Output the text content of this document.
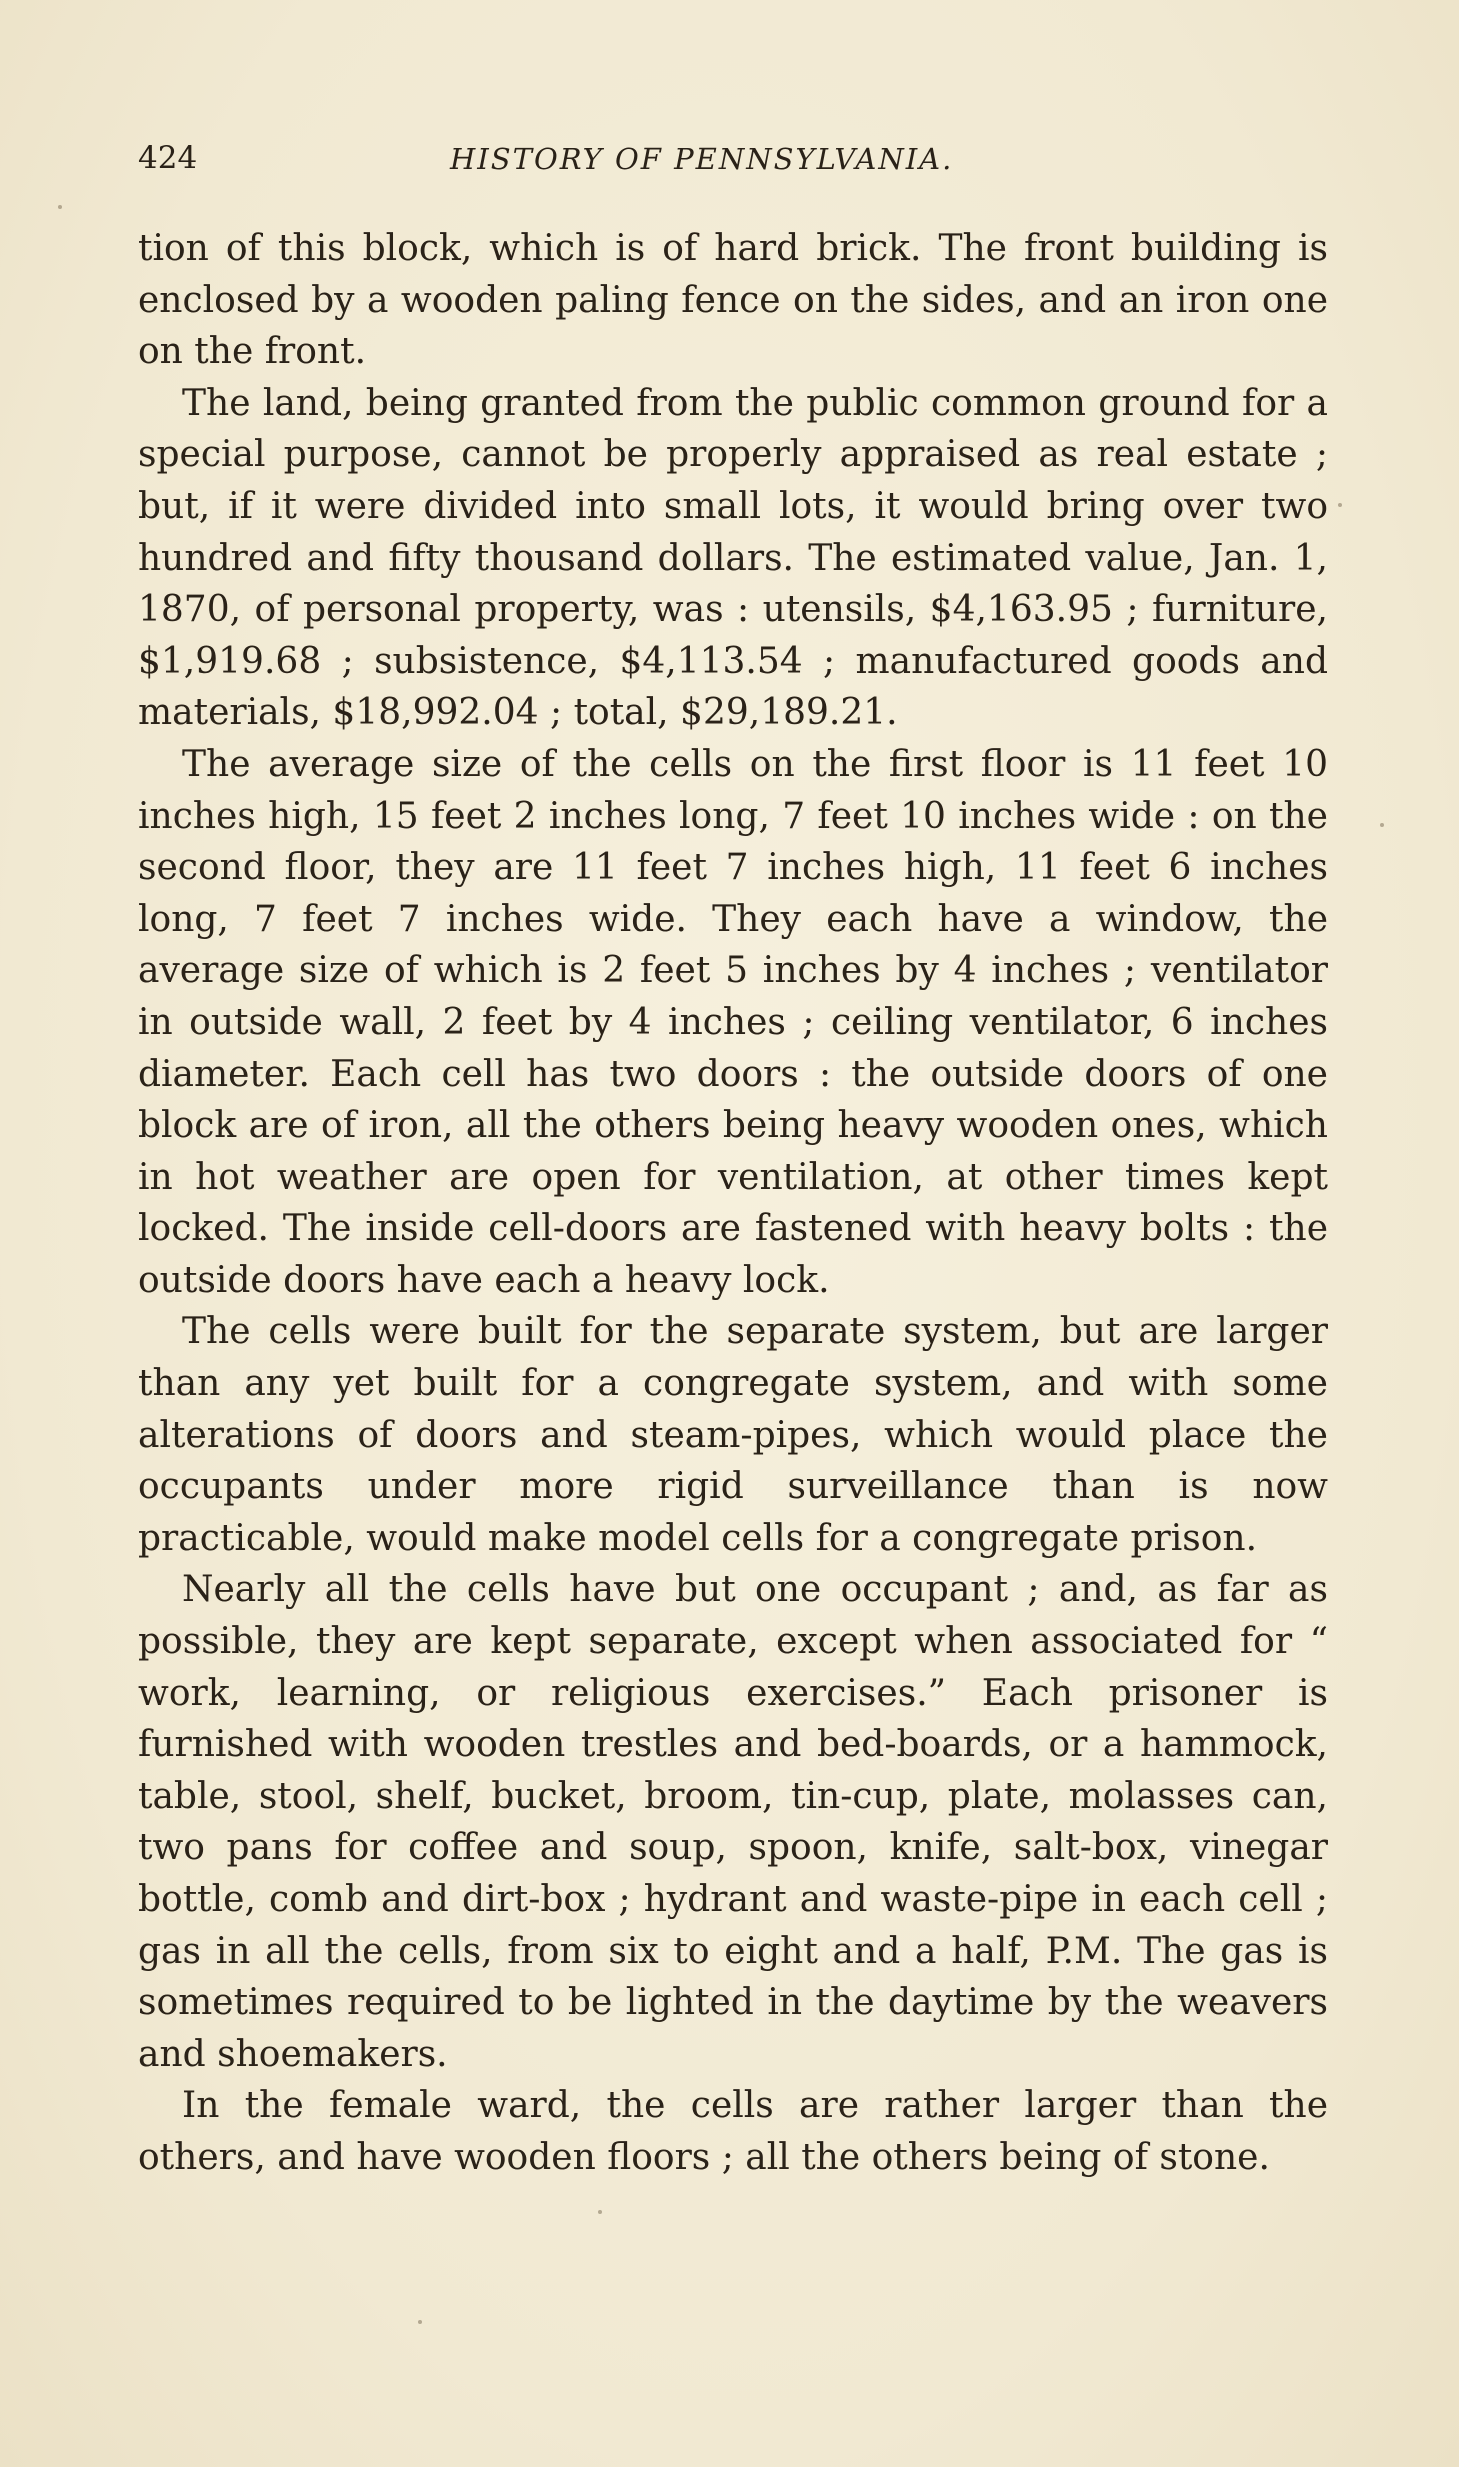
424	HISTORY OF PENNSYLVANIA.

tion of this block, which is of hard brick. The front building is enclosed by a wooden paling fence on the sides, and an iron one on the front.

The land, being granted from the public common ground for a special purpose, cannot be properly appraised as real estate ; but, if it were divided into small lots, it would bring over two hundred and fifty thousand dollars. The estimated value, Jan. 1, 1870, of personal property, was : utensils, $4,163.95 ; furniture, $1,919.68 ; subsistence, $4,113.54 ; manufactured goods and materials, $18,992.04 ; total, $29,189.21.

The average size of the cells on the first floor is 11 feet 10 inches high, 15 feet 2 inches long, 7 feet 10 inches wide : on the second floor, they are 11 feet 7 inches high, 11 feet 6 inches long, 7 feet 7 inches wide. They each have a window, the average size of which is 2 feet 5 inches by 4 inches ; ventilator in outside wall, 2 feet by 4 inches ; ceiling ventilator, 6 inches diameter. Each cell has two doors : the outside doors of one block are of iron, all the others being heavy wooden ones, which in hot weather are open for ventilation, at other times kept locked. The inside cell-doors are fastened with heavy bolts : the outside doors have each a heavy lock.

The cells were built for the separate system, but are larger than any yet built for a congregate system, and with some alterations of doors and steam-pipes, which would place the occupants under more rigid surveillance than is now practicable, would make model cells for a congregate prison.

Nearly all the cells have but one occupant ; and, as far as possible, they are kept separate, except when associated for “ work, learning, or religious exercises.” Each prisoner is furnished with wooden trestles and bed-boards, or a hammock, table, stool, shelf, bucket, broom, tin-cup, plate, molasses can, two pans for coffee and soup, spoon, knife, salt-box, vinegar bottle, comb and dirt-box ; hydrant and waste-pipe in each cell ; gas in all the cells, from six to eight and a half, P.M. The gas is sometimes required to be lighted in the daytime by the weavers and shoemakers.

In the female ward, the cells are rather larger than the others, and have wooden floors ; all the others being of stone.
